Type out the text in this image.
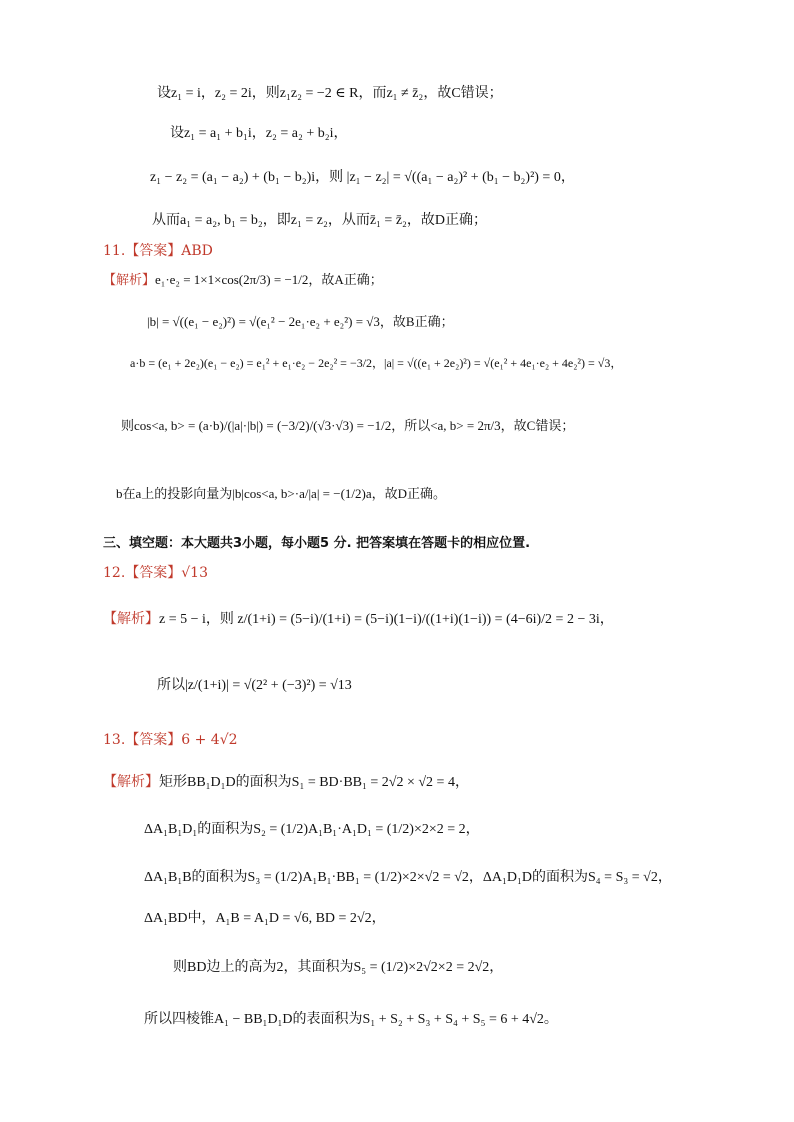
设z₁ = i，z₂ = 2i，则z₁z₂ = −2 ∈ R，而z₁ ≠ z̄₂，故C错误；
设z₁ = a₁ + b₁i，z₂ = a₂ + b₂i，
z₁ − z₂ = (a₁ − a₂) + (b₁ − b₂)i，则 |z₁ − z₂| = √((a₁ − a₂)² + (b₁ − b₂)²) = 0，
从而a₁ = a₂, b₁ = b₂，即z₁ = z₂，从而z̄₁ = z̄₂，故D正确；
11.【答案】ABD
【解析】e₁·e₂ = 1×1×cos(2π/3) = −1/2，故A正确；
|b| = √((e₁ − e₂)²) = √(e₁² − 2e₁·e₂ + e₂²) = √3，故B正确；
a·b = (e₁ + 2e₂)(e₁ − e₂) = e₁² + e₁·e₂ − 2e₂² = −3/2，|a| = √((e₁ + 2e₂)²) = √(e₁² + 4e₁·e₂ + 4e₂²) = √3，
则cos<a, b> = (a·b)/(|a|·|b|) = (−3/2)/(√3·√3) = −1/2，所以<a, b> = 2π/3，故C错误；
b在a上的投影向量为|b|cos<a, b>·a/|a| = −(1/2)a，故D正确。
三、填空题：本大题共3小题，每小题5 分. 把答案填在答题卡的相应位置.
12.【答案】√13
【解析】z = 5 − i，则 z/(1+i) = (5−i)/(1+i) = (5−i)(1−i)/((1+i)(1−i)) = (4−6i)/2 = 2 − 3i，
所以|z/(1+i)| = √(2² + (−3)²) = √13
13.【答案】6 + 4√2
【解析】矩形BB₁D₁D的面积为S₁ = BD·BB₁ = 2√2 × √2 = 4，
ΔA₁B₁D₁的面积为S₂ = (1/2)A₁B₁·A₁D₁ = (1/2)×2×2 = 2，
ΔA₁B₁B的面积为S₃ = (1/2)A₁B₁·BB₁ = (1/2)×2×√2 = √2，ΔA₁D₁D的面积为S₄ = S₃ = √2，
ΔA₁BD中，A₁B = A₁D = √6, BD = 2√2，
则BD边上的高为2，其面积为S₅ = (1/2)×2√2×2 = 2√2，
所以四棱锥A₁ − BB₁D₁D的表面积为S₁ + S₂ + S₃ + S₄ + S₅ = 6 + 4√2。
